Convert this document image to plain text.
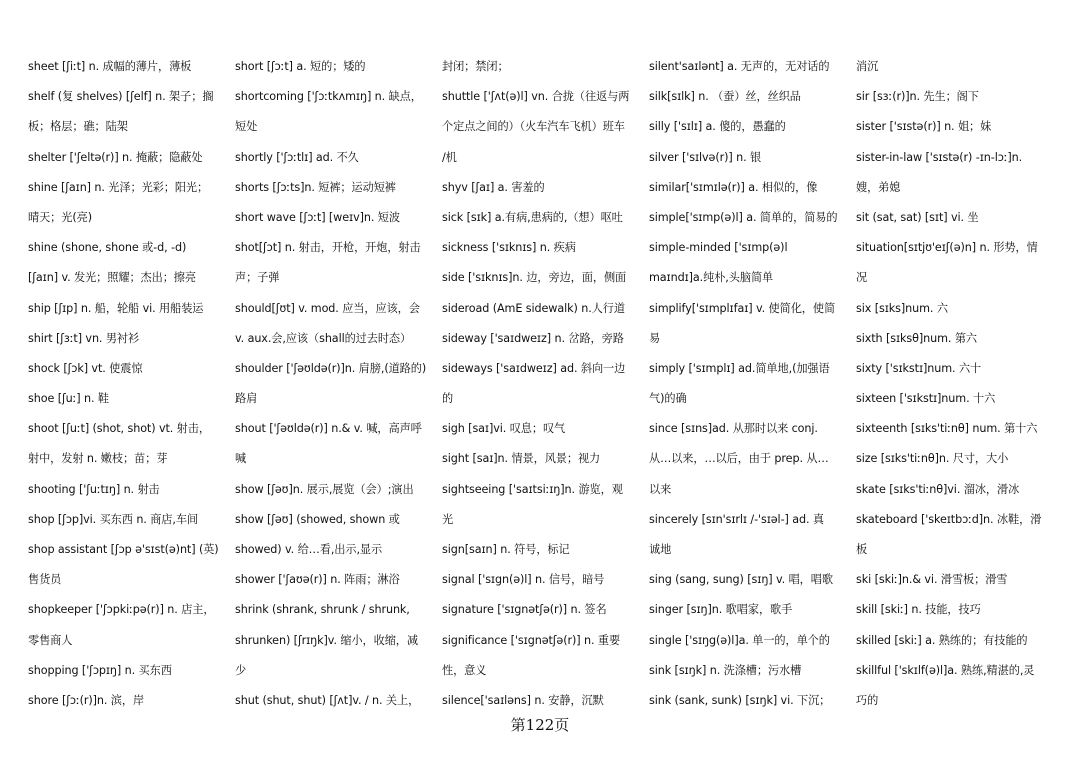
sheet [ʃiːt] n. 成幅的薄片，薄板
shelf (复 shelves) [ʃelf] n. 架子；搁
板；格层；礁；陆架
shelter ['ʃeltə(r)] n. 掩蔽；隐蔽处
shine [ʃaɪn] n. 光泽；光彩；阳光；
晴天；光(亮)
shine (shone, shone 或-d, -d)
[ʃaɪn] v. 发光；照耀；杰出；擦亮
ship [ʃɪp] n. 船，轮船 vi. 用船装运
shirt [ʃɜːt] vn. 男衬衫
shock [ʃɔk] vt. 使震惊
shoe [ʃuː] n. 鞋
shoot [ʃuːt] (shot, shot) vt. 射击，
射中，发射 n. 嫩枝；苗；芽
shooting ['ʃuːtɪŋ] n. 射击
shop [ʃɔp]vi. 买东西 n. 商店,车间
shop assistant [ʃɔp ə'sɪst(ə)nt] (英)
售货员
shopkeeper ['ʃɔpkiːpə(r)] n. 店主，
零售商人
shopping ['ʃɔpɪŋ] n. 买东西
shore [ʃɔː(r)]n. 滨，岸
short [ʃɔːt] a. 短的；矮的
shortcoming ['ʃɔːtkʌmɪŋ] n. 缺点，
短处
shortly ['ʃɔːtlɪ] ad. 不久
shorts [ʃɔːts]n. 短裤；运动短裤
short wave [ʃɔːt] [weɪv]n. 短波
shot[ʃɔt] n. 射击，开枪，开炮，射击
声；子弹
should[ʃʊt] v. mod. 应当，应该，会
v. aux.会,应该（shall的过去时态）
shoulder ['ʃəʊldə(r)]n. 肩膀,(道路的)
路肩
shout ['ʃəʊldə(r)] n.& v. 喊，高声呼
喊
show [ʃəʊ]n. 展示,展览（会）;演出
show [ʃəʊ] (showed, shown 或
showed) v. 给…看,出示,显示
shower ['ʃaʊə(r)] n. 阵雨；淋浴
shrink (shrank, shrunk / shrunk,
shrunken) [ʃrɪŋk]v. 缩小，收缩，减
少
shut (shut, shut) [ʃʌt]v. / n. 关上，
封闭；禁闭；
shuttle ['ʃʌt(ə)l] vn. 合拢（往返与两
个定点之间的）（火车汽车飞机）班车
/机
shyv [ʃaɪ] a. 害羞的
sick [sɪk] a.有病,患病的,（想）呕吐
sickness ['sɪknɪs] n. 疾病
side ['sɪknɪs]n. 边，旁边，面，侧面
sideroad (AmE sidewalk) n.人行道
sideway ['saɪdweɪz] n. 岔路，旁路
sideways ['saɪdweɪz] ad. 斜向一边
的
sigh [saɪ]vi. 叹息；叹气
sight [saɪ]n. 情景，风景；视力
sightseeing ['saɪtsiːɪŋ]n. 游览，观
光
sign[saɪn] n. 符号，标记
signal ['sɪgn(ə)l] n. 信号，暗号
signature ['sɪgnətʃə(r)] n. 签名
significance ['sɪgnətʃə(r)] n. 重要
性，意义
silence['saɪləns] n. 安静，沉默
silent'saɪlənt] a. 无声的，无对话的
silk[sɪlk] n. （蚕）丝，丝织品
silly ['sɪlɪ] a. 傻的，愚蠢的
silver ['sɪlvə(r)] n. 银
similar['sɪmɪlə(r)] a. 相似的，像
simple['sɪmp(ə)l] a. 简单的，简易的
simple-minded ['sɪmp(ə)l
maɪndɪ]a.纯朴,头脑简单
simplify['sɪmplɪfaɪ] v. 使简化，使简
易
simply ['sɪmplɪ] ad.简单地,(加强语
气)的确
since [sɪns]ad. 从那时以来 conj.
从…以来，…以后，由于 prep. 从…
以来
sincerely [sɪn'sɪrlɪ /-'sɪəl-] ad. 真
诚地
sing (sang, sung) [sɪŋ] v. 唱，唱歌
singer [sɪŋ]n. 歌唱家，歌手
single ['sɪŋg(ə)l]a. 单一的，单个的
sink [sɪŋk] n. 洗涤槽；污水槽
sink (sank, sunk) [sɪŋk] vi. 下沉；
消沉
sir [sɜː(r)]n. 先生；阁下
sister ['sɪstə(r)] n. 姐；妹
sister-in-law ['sɪstə(r) -ɪn-lɔː]n.
嫂，弟媳
sit (sat, sat) [sɪt] vi. 坐
situation[sɪtjʊ'eɪʃ(ə)n] n. 形势，情
况
six [sɪks]num. 六
sixth [sɪksθ]num. 第六
sixty ['sɪkstɪ]num. 六十
sixteen ['sɪkstɪ]num. 十六
sixteenth [sɪks'tiːnθ] num. 第十六
size [sɪks'tiːnθ]n. 尺寸，大小
skate [sɪks'tiːnθ]vi. 溜冰，滑冰
skateboard ['skeɪtbɔːd]n. 冰鞋，滑
板
ski [skiː]n.& vi. 滑雪板；滑雪
skill [skiː] n. 技能，技巧
skilled [skiː] a. 熟练的；有技能的
skillful ['skɪlf(ə)l]a. 熟练,精湛的,灵
巧的
第122页
